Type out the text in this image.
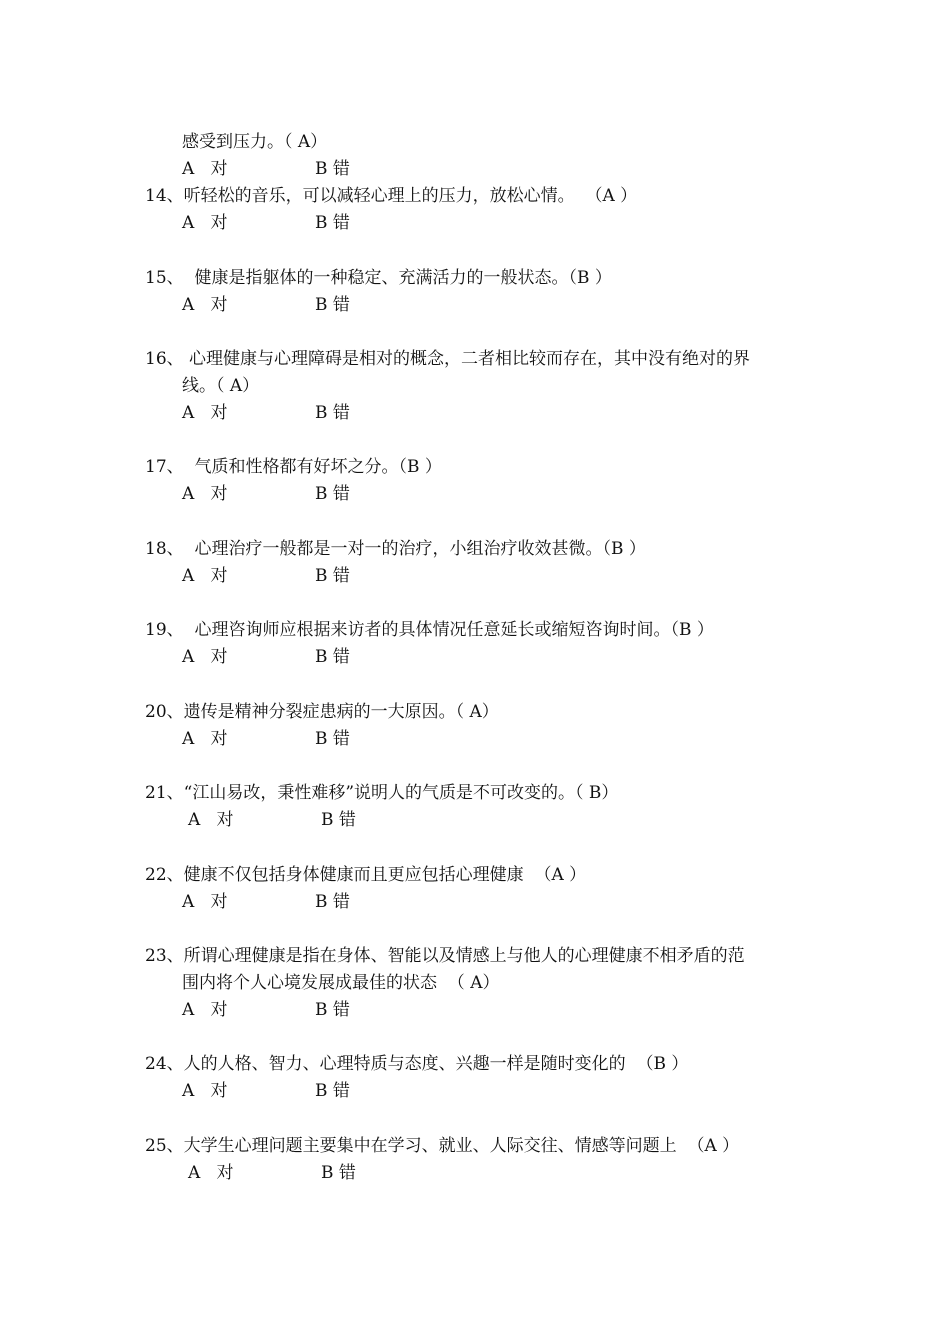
感受到压力。（ A）
A   对	B 错
14、听轻松的音乐，可以减轻心理上的压力，放松心情。  （A ）
A   对	B 错
15、  健康是指躯体的一种稳定、充满活力的一般状态。（B ）
A   对	B 错
16、 心理健康与心理障碍是相对的概念，二者相比较而存在，其中没有绝对的界
线。（ A）
A   对	B 错
17、  气质和性格都有好坏之分。（B ）
A   对	B 错
18、  心理治疗一般都是一对一的治疗，小组治疗收效甚微。（B ）
A   对	B 错
19、  心理咨询师应根据来访者的具体情况任意延长或缩短咨询时间。（B ）
A   对	B 错
20、遗传是精神分裂症患病的一大原因。（ A）
A   对	B 错
21、“江山易改，秉性难移”说明人的气质是不可改变的。（ B）
A   对	B 错
22、健康不仅包括身体健康而且更应包括心理健康  （A ）
A   对	B 错
23、所谓心理健康是指在身体、智能以及情感上与他人的心理健康不相矛盾的范
围内将个人心境发展成最佳的状态  （ A）
A   对	B 错
24、人的人格、智力、心理特质与态度、兴趣一样是随时变化的  （B ）
A   对	B 错
25、大学生心理问题主要集中在学习、就业、人际交往、情感等问题上  （A ）
A   对	B 错
